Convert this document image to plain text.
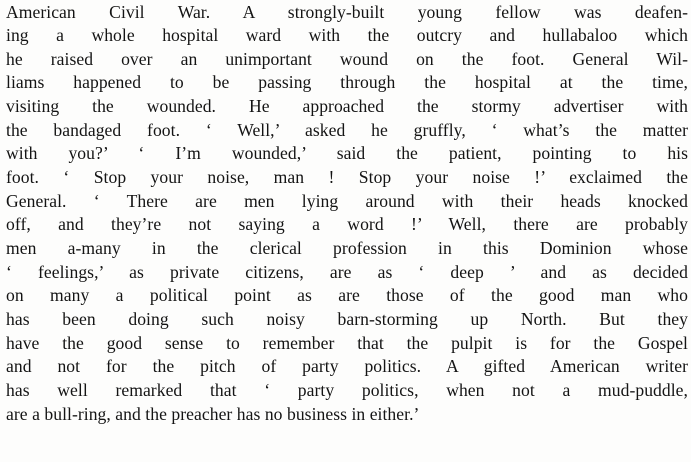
American Civil War. A strongly-built young fellow was deafen-
ing a whole hospital ward with the outcry and hullabaloo which
he raised over an unimportant wound on the foot. General Wil-
liams happened to be passing through the hospital at the time,
visiting the wounded. He approached the stormy advertiser with
the bandaged foot. ‘ Well,’ asked he gruffly, ‘ what’s the matter
with you?’ ‘ I’m wounded,’ said the patient, pointing to his
foot. ‘ Stop your noise, man ! Stop your noise !’ exclaimed the
General. ‘ There are men lying around with their heads knocked
off, and they’re not saying a word !’ Well, there are probably
men a-many in the clerical profession in this Dominion whose
‘ feelings,’ as private citizens, are as ‘ deep ’ and as decided
on many a political point as are those of the good man who
has been doing such noisy barn-storming up North. But they
have the good sense to remember that the pulpit is for the Gospel
and not for the pitch of party politics. A gifted American writer
has well remarked that ‘ party politics, when not a mud-puddle,
are a bull-ring, and the preacher has no business in either.’
